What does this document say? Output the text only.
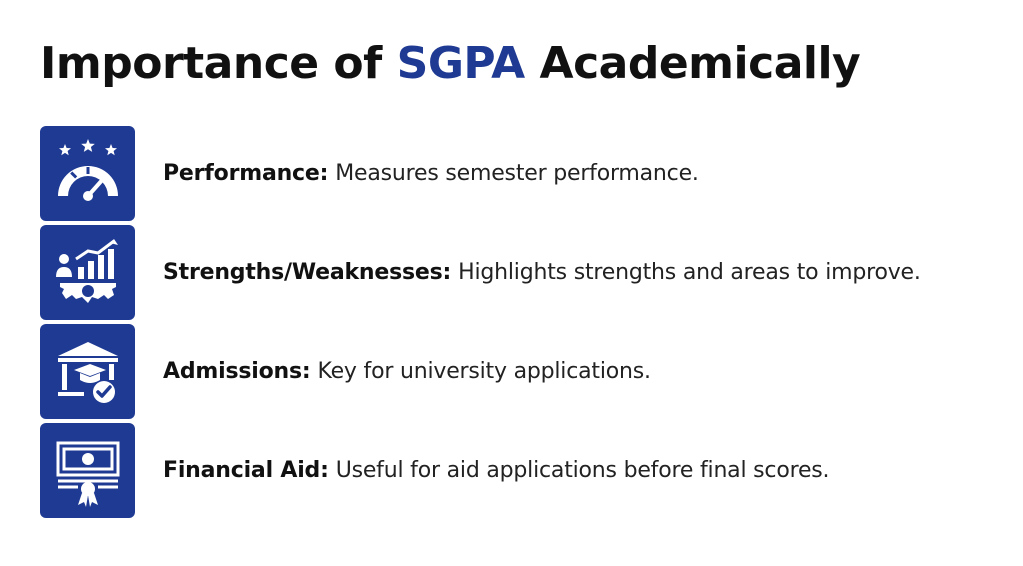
Importance of SGPA Academically
Performance: Measures semester performance.
Strengths/Weaknesses: Highlights strengths and areas to improve.
Admissions: Key for university applications.
Financial Aid: Useful for aid applications before final scores.
